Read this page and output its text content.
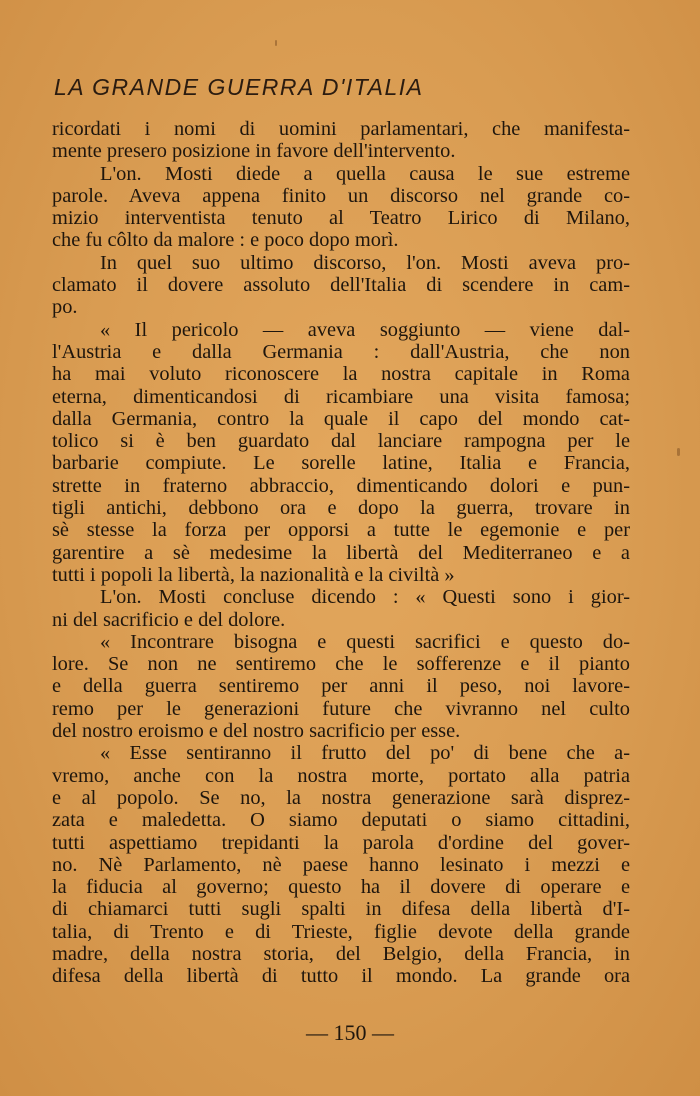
LA GRANDE GUERRA D'ITALIA
ricordati i nomi di uomini parlamentari, che manifesta-
mente presero posizione in favore dell'intervento.
L'on. Mosti diede a quella causa le sue estreme
parole. Aveva appena finito un discorso nel grande co-
mizio interventista tenuto al Teatro Lirico di Milano,
che fu côlto da malore : e poco dopo morì.
In quel suo ultimo discorso, l'on. Mosti aveva pro-
clamato il dovere assoluto dell'Italia di scendere in cam-
po.
« Il pericolo — aveva soggiunto — viene dal-
l'Austria e dalla Germania : dall'Austria, che non
ha mai voluto riconoscere la nostra capitale in Roma
eterna, dimenticandosi di ricambiare una visita famosa;
dalla Germania, contro la quale il capo del mondo cat-
tolico si è ben guardato dal lanciare rampogna per le
barbarie compiute. Le sorelle latine, Italia e Francia,
strette in fraterno abbraccio, dimenticando dolori e pun-
tigli antichi, debbono ora e dopo la guerra, trovare in
sè stesse la forza per opporsi a tutte le egemonie e per
garentire a sè medesime la libertà del Mediterraneo e a
tutti i popoli la libertà, la nazionalità e la civiltà »
L'on. Mosti concluse dicendo : « Questi sono i gior-
ni del sacrificio e del dolore.
« Incontrare bisogna e questi sacrifici e questo do-
lore. Se non ne sentiremo che le sofferenze e il pianto
e della guerra sentiremo per anni il peso, noi lavore-
remo per le generazioni future che vivranno nel culto
del nostro eroismo e del nostro sacrificio per esse.
« Esse sentiranno il frutto del po' di bene che a-
vremo, anche con la nostra morte, portato alla patria
e al popolo. Se no, la nostra generazione sarà disprez-
zata e maledetta. O siamo deputati o siamo cittadini,
tutti aspettiamo trepidanti la parola d'ordine del gover-
no. Nè Parlamento, nè paese hanno lesinato i mezzi e
la fiducia al governo; questo ha il dovere di operare e
di chiamarci tutti sugli spalti in difesa della libertà d'I-
talia, di Trento e di Trieste, figlie devote della grande
madre, della nostra storia, del Belgio, della Francia, in
difesa della libertà di tutto il mondo. La grande ora
— 150 —
